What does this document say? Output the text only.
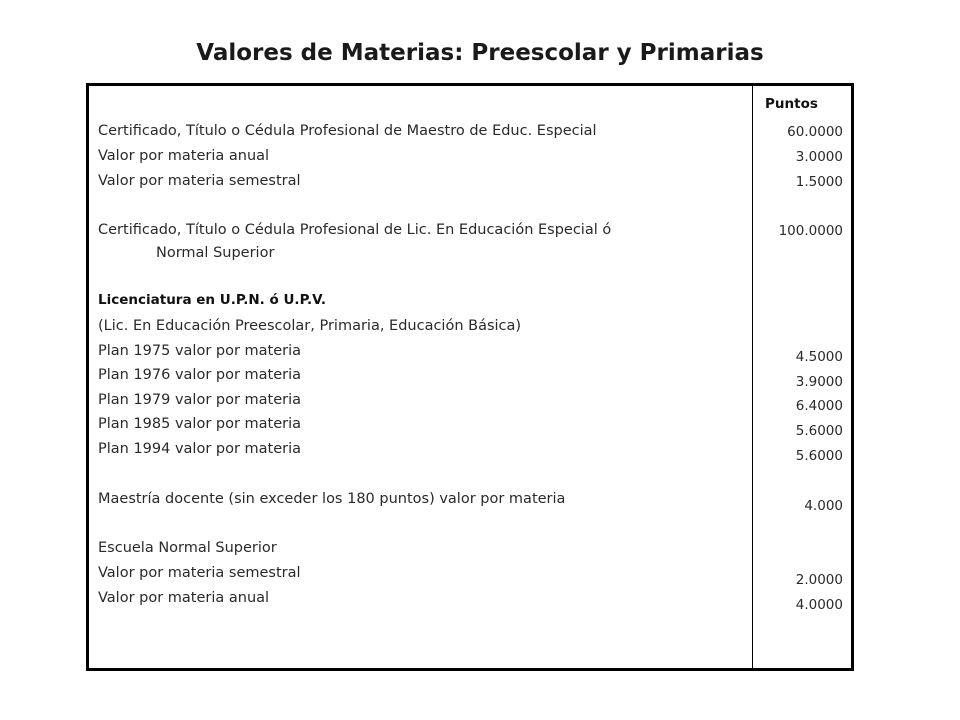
Valores de Materias: Preescolar y Primarias
Certificado, Título o Cédula Profesional de Maestro de Educ. Especial
Valor por materia anual
Valor por materia semestral
Certificado, Título o Cédula Profesional de Lic. En Educación Especial ó
Normal Superior
Licenciatura en U.P.N. ó U.P.V.
(Lic. En Educación Preescolar, Primaria, Educación Básica)
Plan 1975 valor por materia
Plan 1976 valor por materia
Plan 1979 valor por materia
Plan 1985 valor por materia
Plan 1994 valor por materia
Maestría docente (sin exceder los 180 puntos) valor por materia
Escuela Normal Superior
Valor por materia semestral
Valor por materia anual
Puntos
60.0000
3.0000
1.5000
100.0000
4.5000
3.9000
6.4000
5.6000
5.6000
4.000
2.0000
4.0000
